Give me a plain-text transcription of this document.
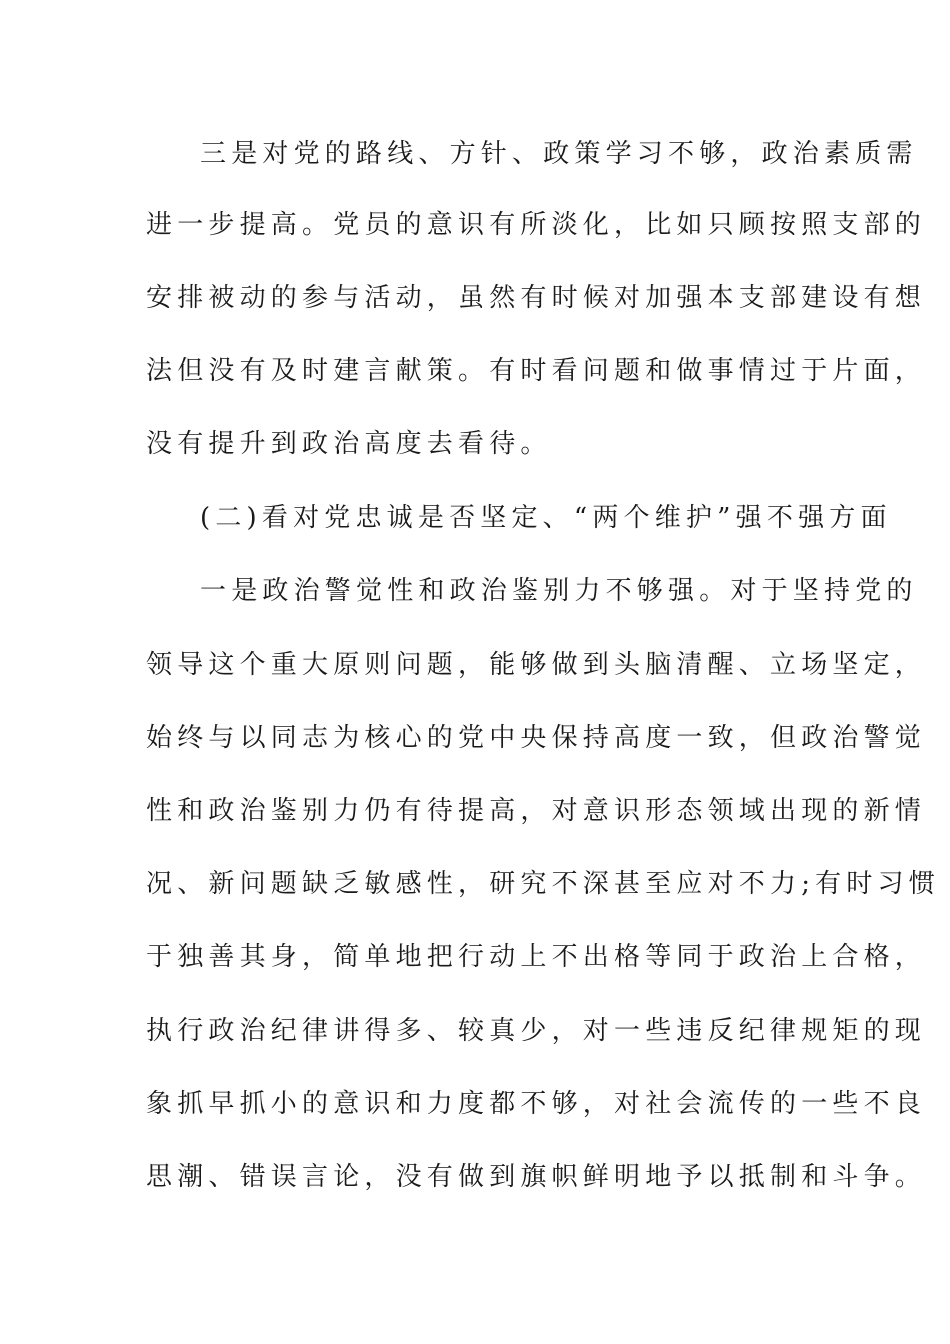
三是对党的路线、方针、政策学习不够，政治素质需
进一步提高。党员的意识有所淡化，比如只顾按照支部的
安排被动的参与活动，虽然有时候对加强本支部建设有想
法但没有及时建言献策。有时看问题和做事情过于片面，
没有提升到政治高度去看待。
(二)看对党忠诚是否坚定、“两个维护”强不强方面
一是政治警觉性和政治鉴别力不够强。对于坚持党的
领导这个重大原则问题，能够做到头脑清醒、立场坚定，
始终与以同志为核心的党中央保持高度一致，但政治警觉
性和政治鉴别力仍有待提高，对意识形态领域出现的新情
况、新问题缺乏敏感性，研究不深甚至应对不力;有时习惯
于独善其身，简单地把行动上不出格等同于政治上合格，
执行政治纪律讲得多、较真少，对一些违反纪律规矩的现
象抓早抓小的意识和力度都不够，对社会流传的一些不良
思潮、错误言论，没有做到旗帜鲜明地予以抵制和斗争。
